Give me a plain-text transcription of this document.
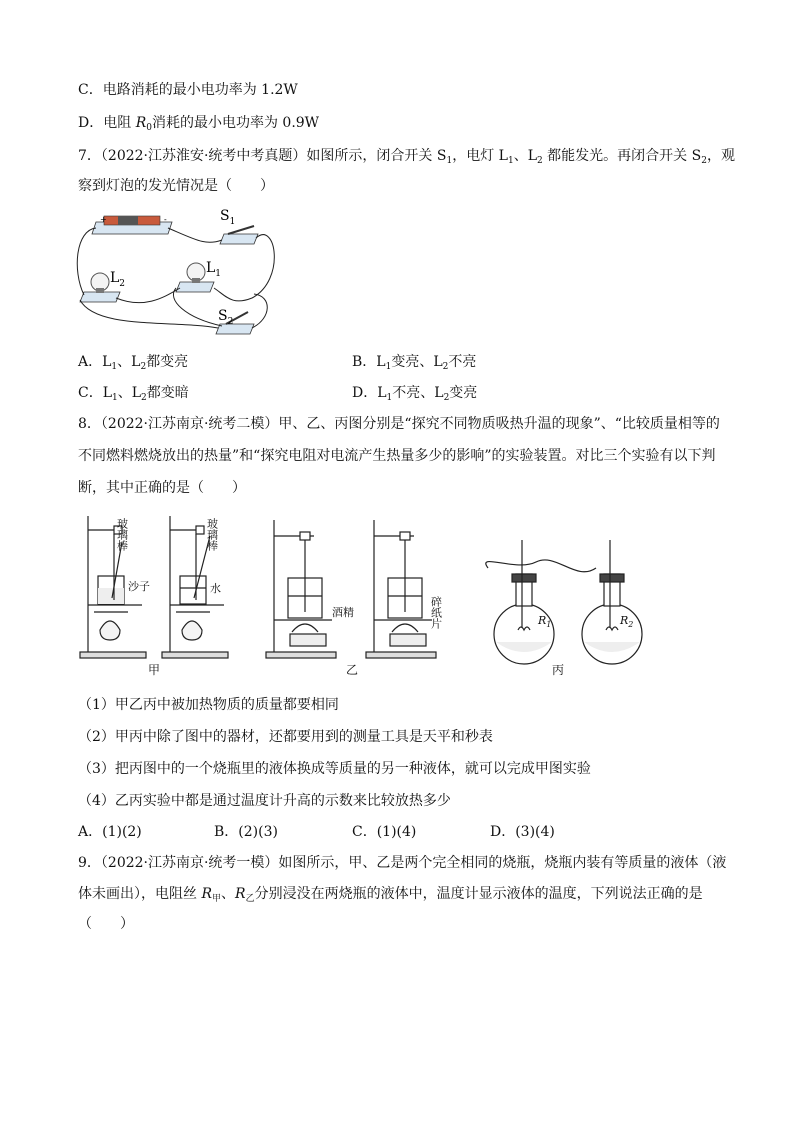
C．电路消耗的最小电功率为 1.2W
D．电阻 $R_0$消耗的最小电功率为 0.9W
7．（2022·江苏淮安·统考中考真题）如图所示，闭合开关 $S_1$，电灯 $L_1$、$L_2$ 都能发光。再闭合开关 $S_2$，观
察到灯泡的发光情况是（　　）
+	-	$S_1$
$L_1$
$L_2$
$S_2$
A．$L_1$、$L_2$都变亮	B．$L_1$变亮、$L_2$不亮
C．$L_1$、$L_2$都变暗	D．$L_1$不亮、$L_2$变亮
8．（2022·江苏南京·统考二模）甲、乙、丙图分别是“探究不同物质吸热升温的现象”、“比较质量相等的
不同燃料燃烧放出的热量”和“探究电阻对电流产生热量多少的影响”的实验装置。对比三个实验有以下判
断，其中正确的是（　　）
玻璃棒
沙子
玻璃棒
水
酒精	碎纸片	$R_1$	$R_2$
甲	乙	丙
（1）甲乙丙中被加热物质的质量都要相同
（2）甲丙中除了图中的器材，还都要用到的测量工具是天平和秒表
（3）把丙图中的一个烧瓶里的液体换成等质量的另一种液体，就可以完成甲图实验
（4）乙丙实验中都是通过温度计升高的示数来比较放热多少
A．(1)(2)	B．(2)(3)	C．(1)(4)	D．(3)(4)
9．（2022·江苏南京·统考一模）如图所示，甲、乙是两个完全相同的烧瓶，烧瓶内装有等质量的液体（液
体未画出），电阻丝 $R_甲$、$R_乙$分别浸没在两烧瓶的液体中，温度计显示液体的温度，下列说法正确的是
（　　）
